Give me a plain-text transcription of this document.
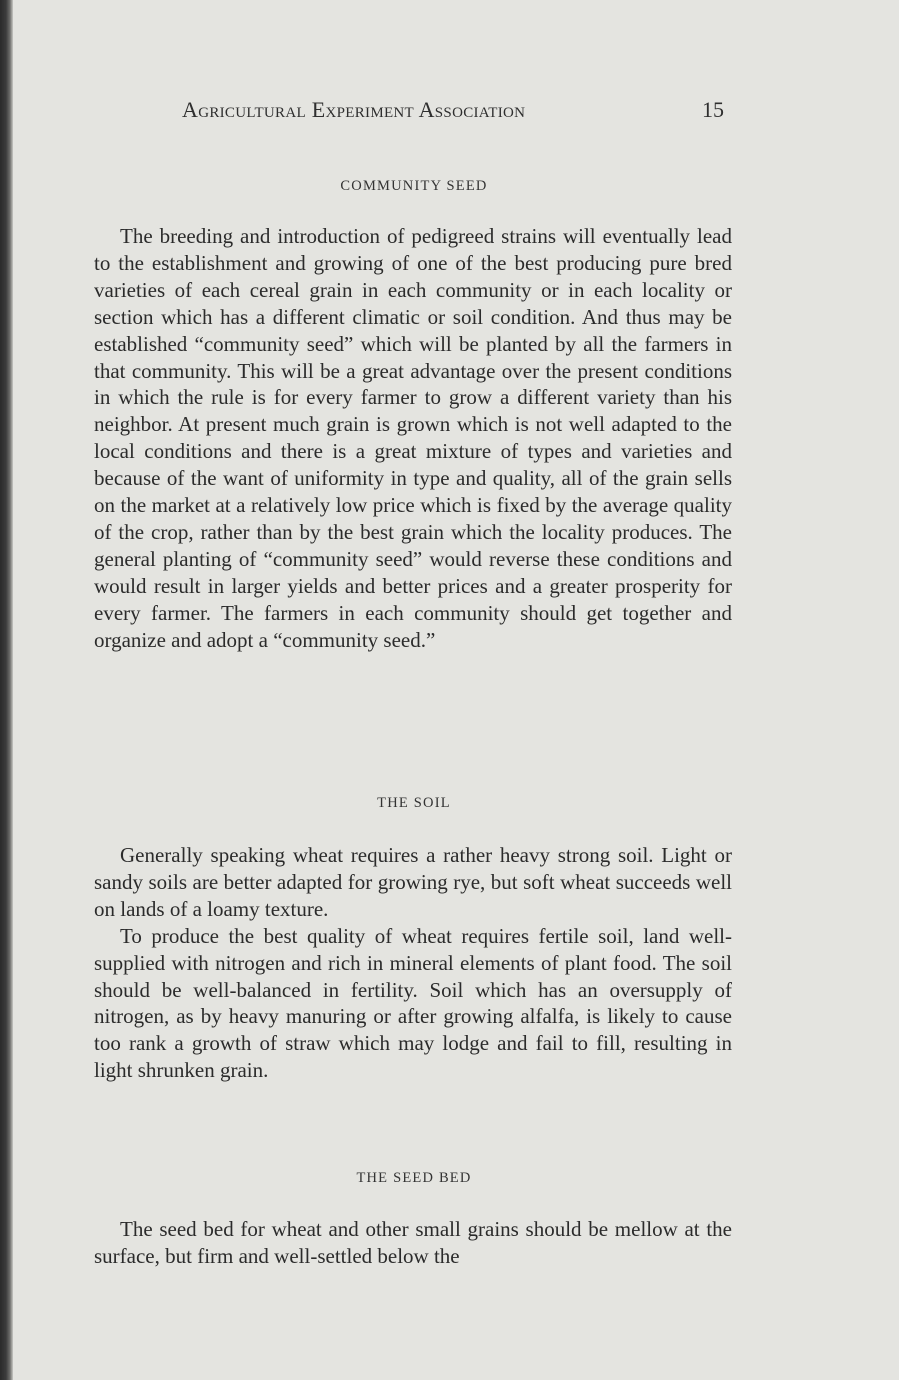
Agricultural Experiment Association	15
COMMUNITY SEED

The breeding and introduction of pedigreed strains will eventually lead to the establishment and growing of one of the best producing pure bred varieties of each cereal grain in each community or in each locality or section which has a different climatic or soil condition. And thus may be established “community seed” which will be planted by all the farmers in that community. This will be a great advantage over the present conditions in which the rule is for every farmer to grow a different variety than his neighbor. At present much grain is grown which is not well adapted to the local conditions and there is a great mixture of types and varieties and because of the want of uniformity in type and quality, all of the grain sells on the market at a relatively low price which is fixed by the average quality of the crop, rather than by the best grain which the locality produces. The general planting of “community seed” would reverse these conditions and would result in larger yields and better prices and a greater prosperity for every farmer. The farmers in each community should get together and organize and adopt a “community seed.”

THE SOIL

Generally speaking wheat requires a rather heavy strong soil. Light or sandy soils are better adapted for growing rye, but soft wheat succeeds well on lands of a loamy texture.

To produce the best quality of wheat requires fertile soil, land well-supplied with nitrogen and rich in mineral elements of plant food. The soil should be well-balanced in fertility. Soil which has an oversupply of nitrogen, as by heavy manuring or after growing alfalfa, is likely to cause too rank a growth of straw which may lodge and fail to fill, resulting in light shrunken grain.

THE SEED BED

The seed bed for wheat and other small grains should be mellow at the surface, but firm and well-settled below the
